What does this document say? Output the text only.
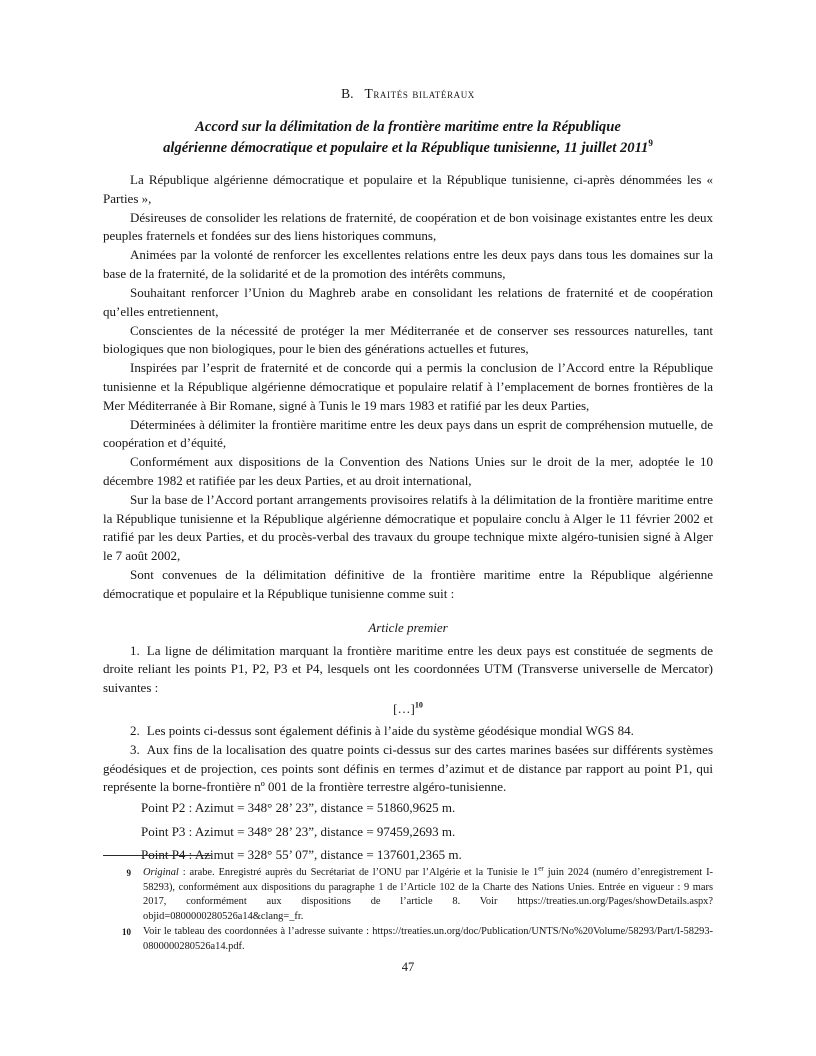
B. Traités bilatéraux
Accord sur la délimitation de la frontière maritime entre la République
algérienne démocratique et populaire et la République tunisienne, 11 juillet 2011$^9$

La République algérienne démocratique et populaire et la République tunisienne, ci-après dénommées les « Parties »,

Désireuses de consolider les relations de fraternité, de coopération et de bon voisinage existantes entre les deux peuples fraternels et fondées sur des liens historiques communs,

Animées par la volonté de renforcer les excellentes relations entre les deux pays dans tous les domaines sur la base de la fraternité, de la solidarité et de la promotion des intérêts communs,

Souhaitant renforcer l’Union du Maghreb arabe en consolidant les relations de fraternité et de coopération qu’elles entretiennent,

Conscientes de la nécessité de protéger la mer Méditerranée et de conserver ses ressources naturelles, tant biologiques que non biologiques, pour le bien des générations actuelles et futures,

Inspirées par l’esprit de fraternité et de concorde qui a permis la conclusion de l’Accord entre la République tunisienne et la République algérienne démocratique et populaire relatif à l’emplacement de bornes frontières de la Mer Méditerranée à Bir Romane, signé à Tunis le 19 mars 1983 et ratifié par les deux Parties,

Déterminées à délimiter la frontière maritime entre les deux pays dans un esprit de compréhension mutuelle, de coopération et d’équité,

Conformément aux dispositions de la Convention des Nations Unies sur le droit de la mer, adoptée le 10 décembre 1982 et ratifiée par les deux Parties, et au droit international,

Sur la base de l’Accord portant arrangements provisoires relatifs à la délimitation de la frontière maritime entre la République tunisienne et la République algérienne démocratique et populaire conclu à Alger le 11 février 2002 et ratifié par les deux Parties, et du procès-verbal des travaux du groupe technique mixte algéro-tunisien signé à Alger le 7 août 2002,

Sont convenues de la délimitation définitive de la frontière maritime entre la République algérienne démocratique et populaire et la République tunisienne comme suit :

Article premier

1. La ligne de délimitation marquant la frontière maritime entre les deux pays est constituée de segments de droite reliant les points P1, P2, P3 et P4, lesquels ont les coordonnées UTM (Transverse universelle de Mercator) suivantes :

[…]$^{10}$

2. Les points ci-dessus sont également définis à l’aide du système géodésique mondial WGS 84.

3. Aux fins de la localisation des quatre points ci-dessus sur des cartes marines basées sur différents systèmes géodésiques et de projection, ces points sont définis en termes d’azimut et de distance par rapport au point P1, qui représente la borne-frontière nº 001 de la frontière terrestre algéro-tunisienne.

Point P2 : Azimut = 348° 28’ 23”, distance = 51860,9625 m.

Point P3 : Azimut = 348° 28’ 23”, distance = 97459,2693 m.

Point P4 : Azimut = 328° 55’ 07”, distance = 137601,2365 m.

9 Original : arabe. Enregistré auprès du Secrétariat de l’ONU par l’Algérie et la Tunisie le 1er juin 2024 (numéro d’enregistrement I-58293), conformément aux dispositions du paragraphe 1 de l’Article 102 de la Charte des Nations Unies. Entrée en vigueur : 9 mars 2017, conformément aux dispositions de l’article 8. Voir https://treaties.un.org/Pages/showDetails.aspx?objid=0800000280526a14&clang=_fr.
10 Voir le tableau des coordonnées à l’adresse suivante : https://treaties.un.org/doc/Publication/UNTS/No%20Volume/58293/Part/I-58293-0800000280526a14.pdf.
47
